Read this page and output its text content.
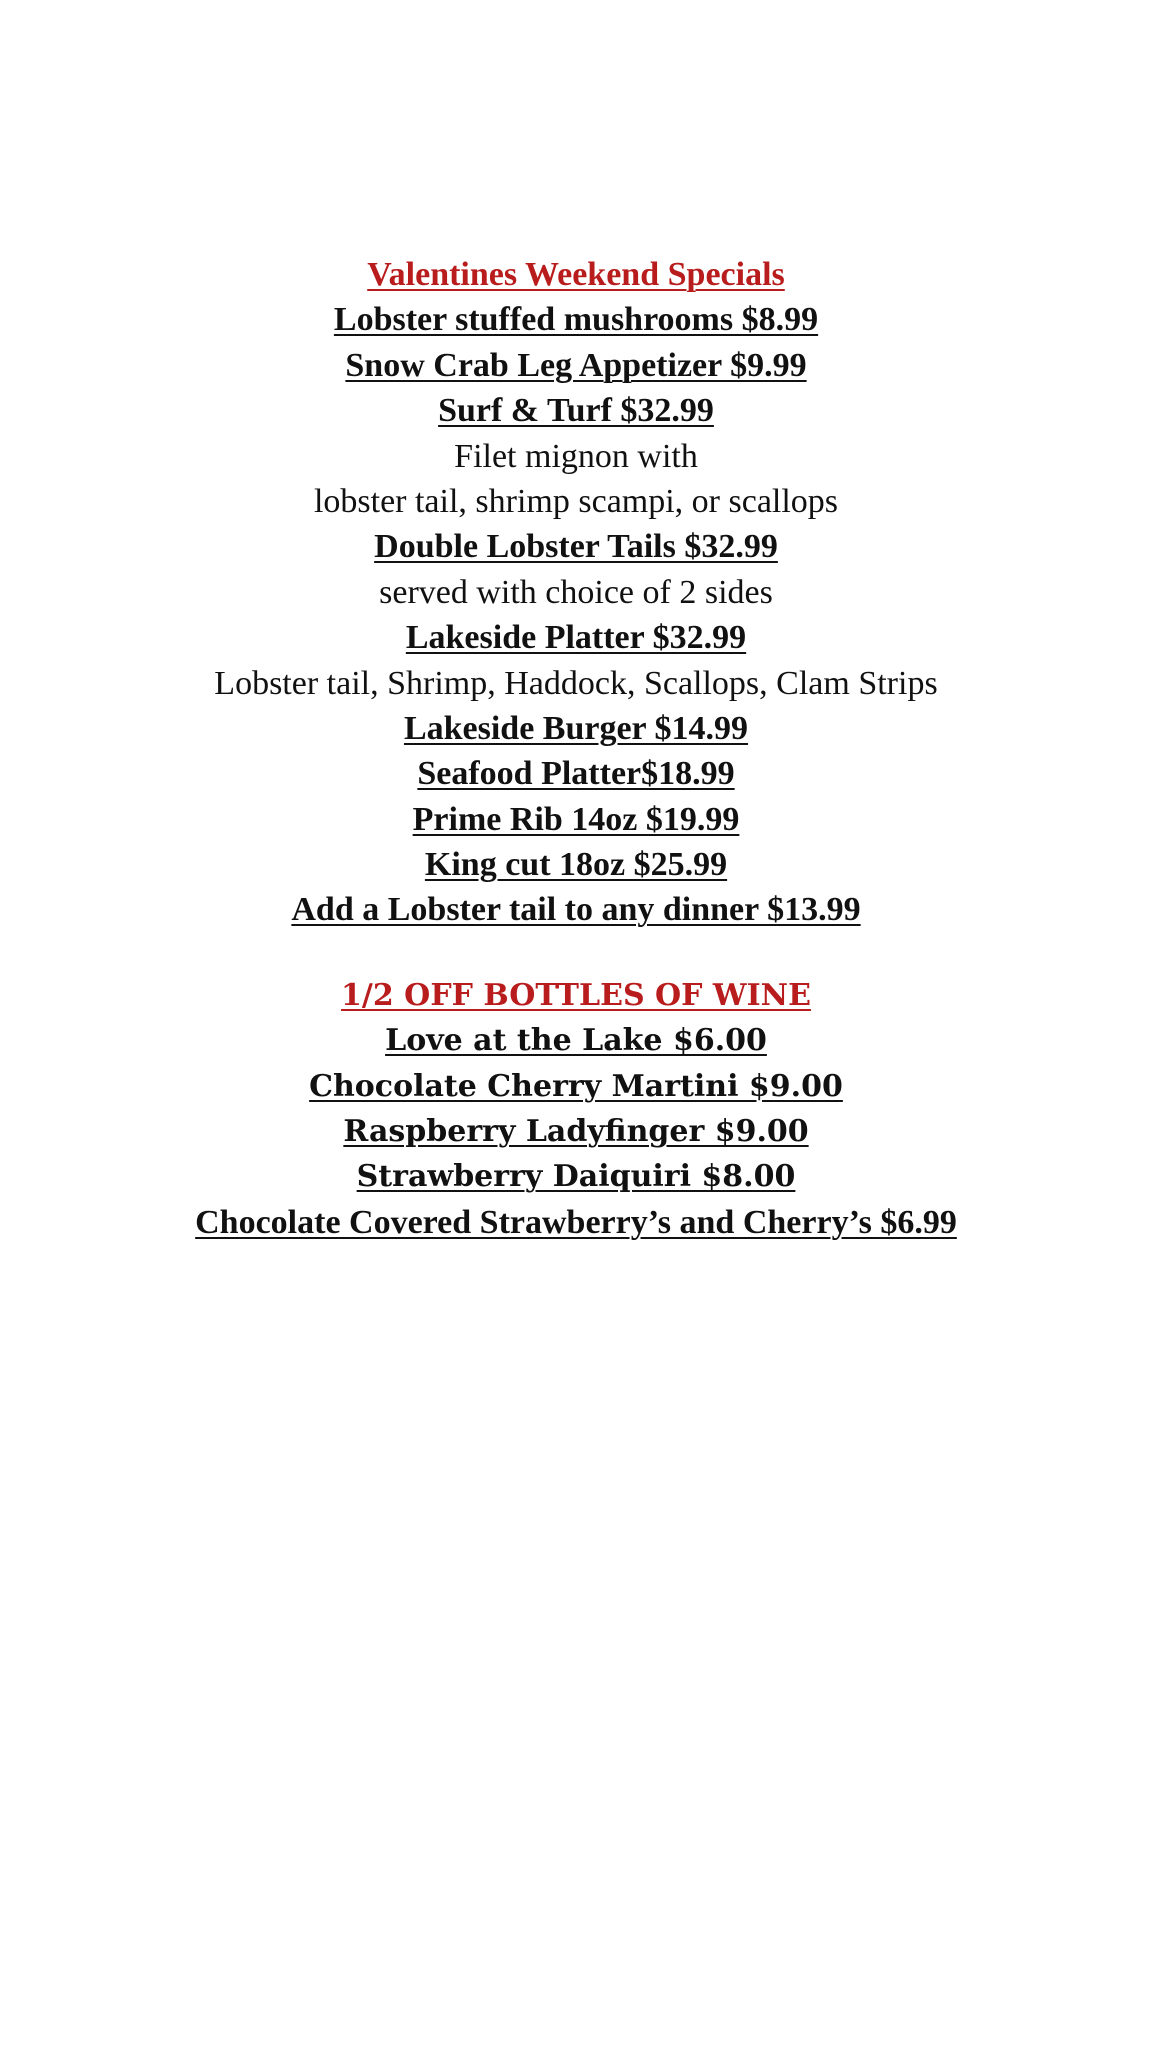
Valentines Weekend Specials
Lobster stuffed mushrooms $8.99
Snow Crab Leg Appetizer $9.99
Surf & Turf $32.99
Filet mignon with
lobster tail, shrimp scampi, or scallops
Double Lobster Tails $32.99
served with choice of 2 sides
Lakeside Platter $32.99
Lobster tail, Shrimp, Haddock, Scallops, Clam Strips
Lakeside Burger $14.99
Seafood Platter$18.99
Prime Rib 14oz $19.99
King cut 18oz $25.99
Add a Lobster tail to any dinner $13.99
1/2 OFF BOTTLES OF WINE
Love at the Lake $6.00
Chocolate Cherry Martini $9.00
Raspberry Ladyfinger $9.00
Strawberry Daiquiri $8.00
Chocolate Covered Strawberry’s and Cherry’s $6.99
